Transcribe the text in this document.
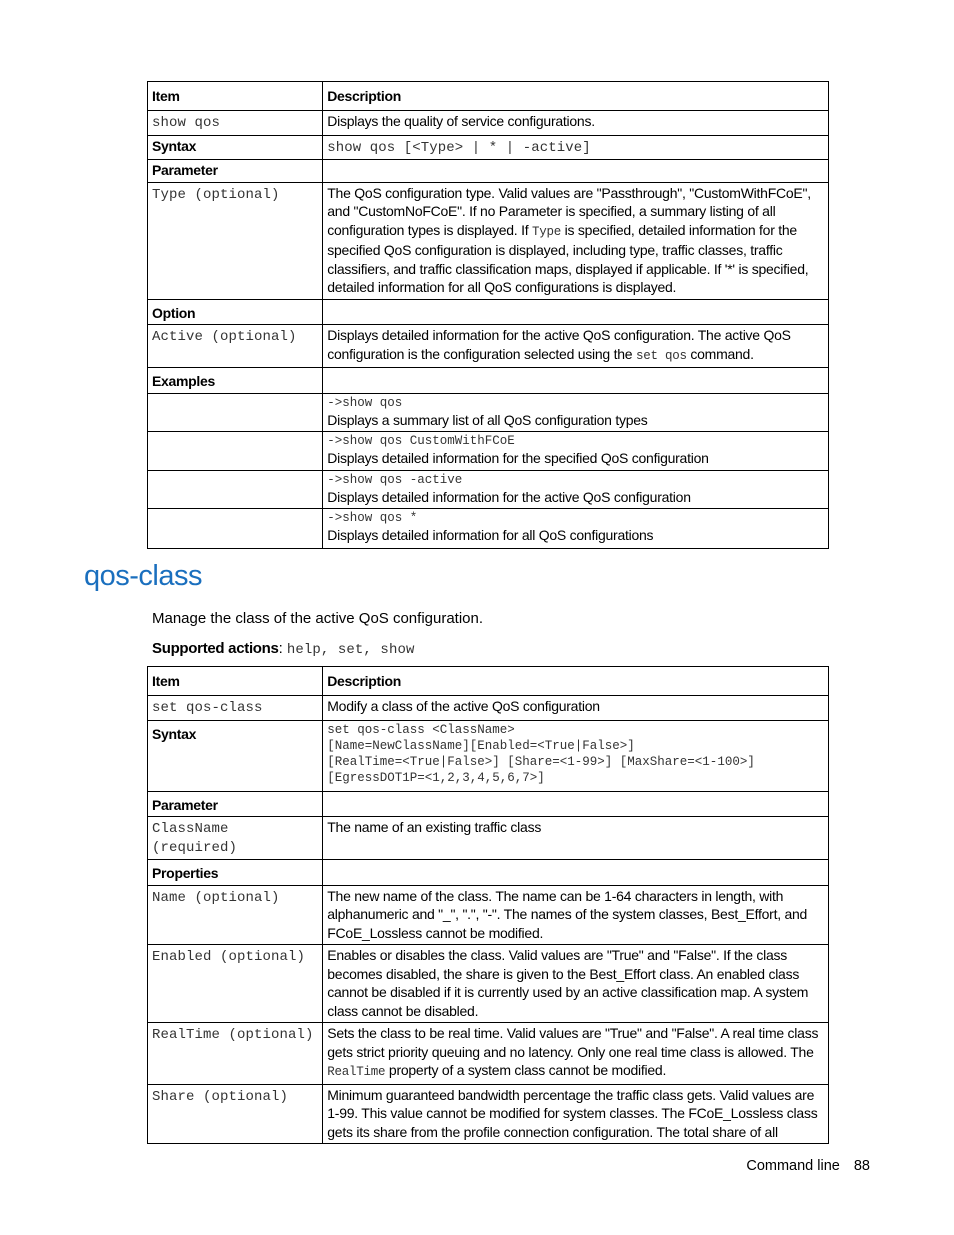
Item	Description
show qos	Displays the quality of service configurations.
Syntax	show qos [<Type> | * | -active]
Parameter	
Type (optional)	The QoS configuration type. Valid values are "Passthrough", "CustomWithFCoE", and "CustomNoFCoE". If no Parameter is specified, a summary listing of all configuration types is displayed. If Type is specified, detailed information for the specified QoS configuration is displayed, including type, traffic classes, traffic classifiers, and traffic classification maps, displayed if applicable. If '*' is specified, detailed information for all QoS configurations is displayed.
Option	
Active (optional)	Displays detailed information for the active QoS configuration. The active QoS configuration is the configuration selected using the set qos command.
Examples	

	->show qos
Displays a summary list of all QoS configuration types

	->show qos CustomWithFCoE
Displays detailed information for the specified QoS configuration

	->show qos -active
Displays detailed information for the active QoS configuration

	->show qos *
Displays detailed information for all QoS configurations
qos-class

Manage the class of the active QoS configuration.

Supported actions: help, set, show

Item	Description
set qos-class	Modify a class of the active QoS configuration
Syntax	set qos-class <ClassName>
[Name=NewClassName][Enabled=<True|False>]
[RealTime=<True|False>] [Share=<1-99>] [MaxShare=<1-100>]
[EgressDOT1P=<1,2,3,4,5,6,7>]

Parameter	
ClassName (required)	The name of an existing traffic class
Properties	
Name (optional)	The new name of the class. The name can be 1-64 characters in length, with alphanumeric and "_", ".", "-". The names of the system classes, Best_Effort, and FCoE_Lossless cannot be modified.
Enabled (optional)	Enables or disables the class. Valid values are "True" and "False". If the class becomes disabled, the share is given to the Best_Effort class. An enabled class cannot be disabled if it is currently used by an active classification map. A system class cannot be disabled.
RealTime (optional)	Sets the class to be real time. Valid values are "True" and "False". A real time class gets strict priority queuing and no latency. Only one real time class is allowed. The RealTime property of a system class cannot be modified.
Share (optional)	Minimum guaranteed bandwidth percentage the traffic class gets. Valid values are 1-99. This value cannot be modified for system classes. The FCoE_Lossless class gets its share from the profile connection configuration. The total share of all
Command line 88
